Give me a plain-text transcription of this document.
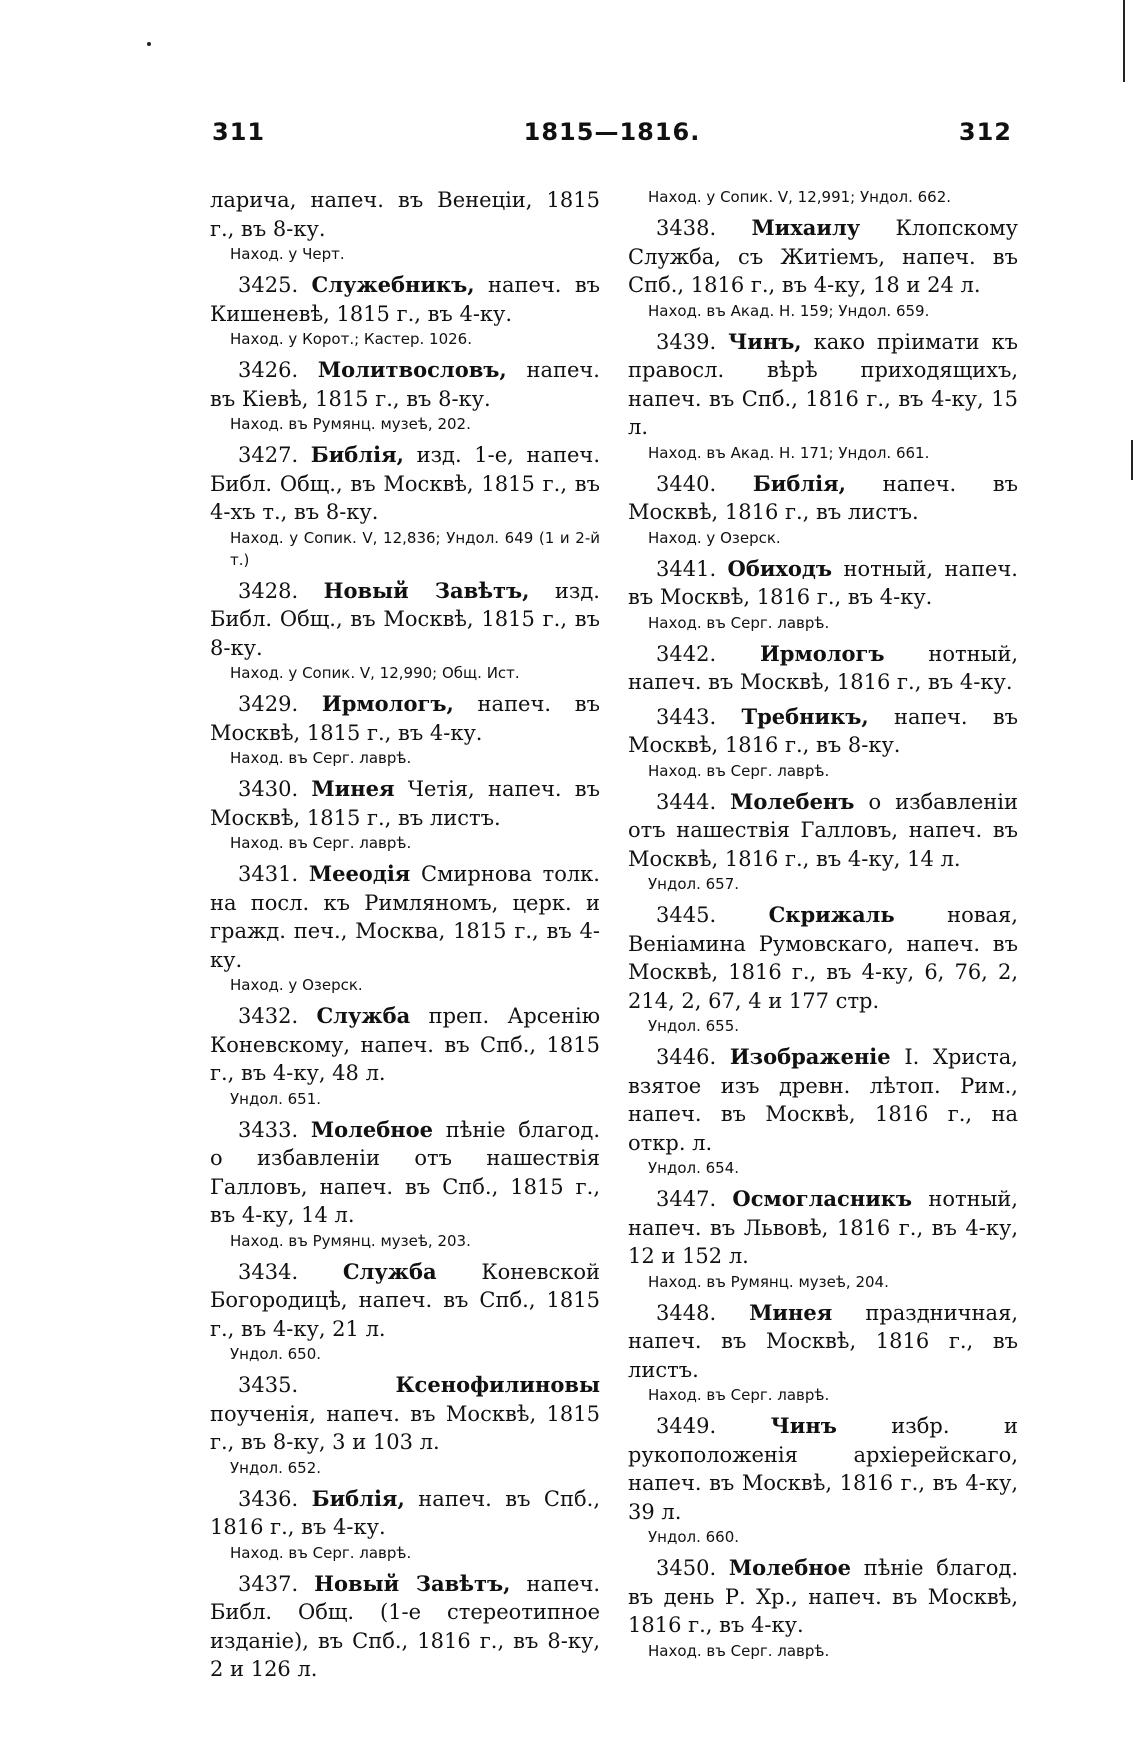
311	1815—1816.	312
ларича, напеч. въ Венеціи, 1815 г., въ 8-ку.
Наход. у Черт.
3425. Служебникъ, напеч. въ Кишеневѣ, 1815 г., въ 4-ку.
Наход. у Корот.; Кастер. 1026.
3426. Молитвословъ, напеч. въ Кіевѣ, 1815 г., въ 8-ку.
Наход. въ Румянц. музеѣ, 202.
3427. Библія, изд. 1-е, напеч. Библ. Общ., въ Москвѣ, 1815 г., въ 4-хъ т., въ 8-ку.
Наход. у Сопик. V, 12,836; Ундол. 649 (1 и 2-й т.)
3428. Новый Завѣтъ, изд. Библ. Общ., въ Москвѣ, 1815 г., въ 8-ку.
Наход. у Сопик. V, 12,990; Общ. Ист.
3429. Ирмологъ, напеч. въ Москвѣ, 1815 г., въ 4-ку.
Наход. въ Серг. лаврѣ.
3430. Минея Четія, напеч. въ Москвѣ, 1815 г., въ листъ.
Наход. въ Серг. лаврѣ.
3431. Мееодія Смирнова толк. на посл. къ Римляномъ, церк. и гражд. печ., Москва, 1815 г., въ 4-ку.
Наход. у Озерск.
3432. Служба преп. Арсенію Коневскому, напеч. въ Спб., 1815 г., въ 4-ку, 48 л.
Ундол. 651.
3433. Молебное пѣніе благод. о избавленіи отъ нашествія Галловъ, напеч. въ Спб., 1815 г., въ 4-ку, 14 л.
Наход. въ Румянц. музеѣ, 203.
3434. Служба Коневской Богородицѣ, напеч. въ Спб., 1815 г., въ 4-ку, 21 л.
Ундол. 650.
3435.	Ксенофилиновы поученія, напеч. въ Москвѣ, 1815 г., въ 8-ку, 3 и 103 л.
Ундол. 652.
3436. Библія, напеч. въ Спб., 1816 г., въ 4-ку.
Наход. въ Серг. лаврѣ.
3437. Новый Завѣтъ, напеч. Библ. Общ. (1-е стереотипное изданіе), въ Спб., 1816 г., въ 8-ку, 2 и 126 л.
Наход. у Сопик. V, 12,991; Ундол. 662.
3438. Михаилу Клопскому Служба, съ Житіемъ, напеч. въ Спб., 1816 г., въ 4-ку, 18 и 24 л.
Наход. въ Акад. Н. 159; Ундол. 659.
3439. Чинъ, како пріимати къ правосл. вѣрѣ приходящихъ, напеч. въ Спб., 1816 г., въ 4-ку, 15 л.
Наход. въ Акад. Н. 171; Ундол. 661.
3440. Библія, напеч. въ Москвѣ, 1816 г., въ листъ.
Наход. у Озерск.
3441. Обиходъ нотный, напеч. въ Москвѣ, 1816 г., въ 4-ку.
Наход. въ Серг. лаврѣ.
3442. Ирмологъ нотный, напеч. въ Москвѣ, 1816 г., въ 4-ку.
3443. Требникъ, напеч. въ Москвѣ, 1816 г., въ 8-ку.
Наход. въ Серг. лаврѣ.
3444. Молебенъ о избавленіи отъ нашествія Галловъ, напеч. въ Москвѣ, 1816 г., въ 4-ку, 14 л.
Ундол. 657.
3445. Скрижаль новая, Веніамина Румовскаго, напеч. въ Москвѣ, 1816 г., въ 4-ку, 6, 76, 2, 214, 2, 67, 4 и 177 стр.
Ундол. 655.
3446. Изображеніе І. Христа, взятое изъ древн. лѣтоп. Рим., напеч. въ Москвѣ, 1816 г., на откр. л.
Ундол. 654.
3447. Осмогласникъ нотный, напеч. въ Львовѣ, 1816 г., въ 4-ку, 12 и 152 л.
Наход. въ Румянц. музеѣ, 204.
3448. Минея праздничная, напеч. въ Москвѣ, 1816 г., въ листъ.
Наход. въ Серг. лаврѣ.
3449.	Чинъ	избр. и рукоположенія архіерейскаго, напеч. въ Москвѣ, 1816 г., въ 4-ку, 39 л.
Ундол. 660.
3450. Молебное пѣніе благод. въ день Р. Хр., напеч. въ Москвѣ, 1816 г., въ 4-ку.
Наход. въ Серг. лаврѣ.
